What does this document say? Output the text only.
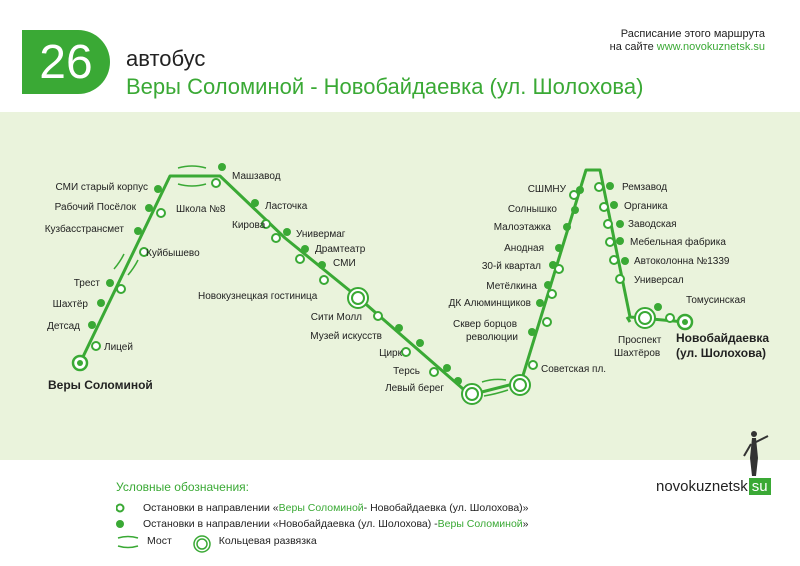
26 автобус
Веры Соломиной - Новобайдаевка (ул. Шолохова)
Расписание этого маршрута
на сайте www.novokuznetsk.su
СМИ старый корпус
Рабочий Посёлок
Кузбасстрансмет
Куйбышево
Трест
Шахтёр
Детсад
Лицей
Веры Соломиной
Машзавод
Школа №8	Ласточка
Кирова
Универмаг
Драмтеатр
СМИ
Новокузнецкая гостиница
Сити Молл
Музей искусств
Цирк
Терсь
Левый берег
Советская пл.
Сквер борцов
революции
ДК Алюминщиков
Метёлкина
30-й квартал
Анодная
Малоэтажка
Солнышко
СШМНУ	Ремзавод
Органика
Заводская
Мебельная фабрика
Автоколонна №1339
Универсал
Томусинская
Проспект
Шахтёров
Новобайдаевка
(ул. Шолохова)
Условные обозначения:
Остановки в направлении « Веры Соломиной - Новобайдаевка (ул. Шолохова)»
Остановки в направлении «Новобайдаевка (ул. Шолохова) - Веры Соломиной »
Мост	Кольцевая развязка
novokuznetsk su
